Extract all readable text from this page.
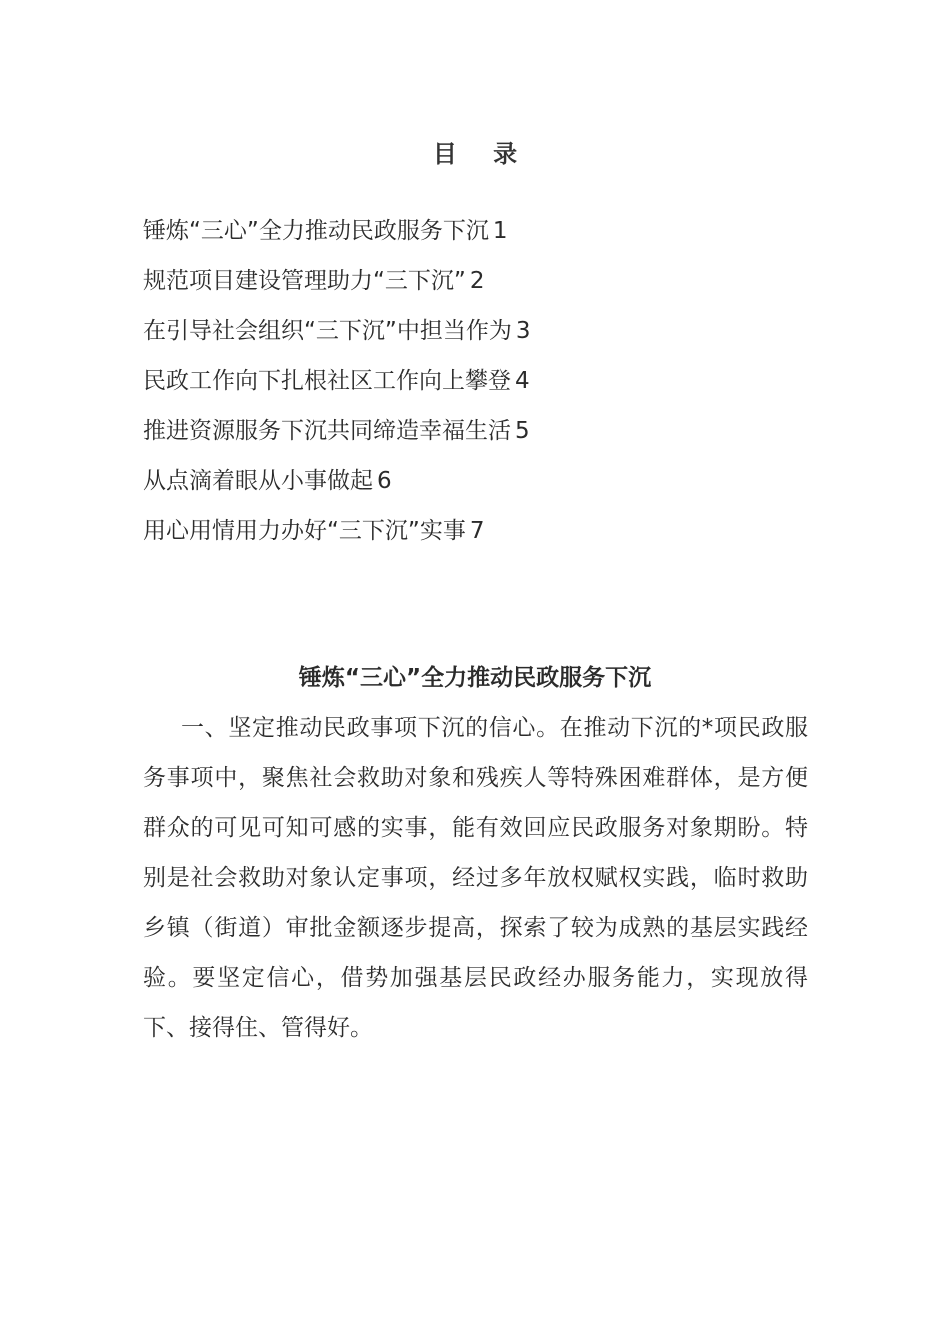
目 录
锤炼“三心”全力推动民政服务下沉 1
规范项目建设管理助力“三下沉” 2
在引导社会组织“三下沉”中担当作为 3
民政工作向下扎根社区工作向上攀登 4
推进资源服务下沉共同缔造幸福生活 5
从点滴着眼从小事做起 6
用心用情用力办好“三下沉”实事 7
锤炼“三心”全力推动民政服务下沉

一、坚定推动民政事项下沉的信心。在推动下沉的*项民政服务事项中，聚焦社会救助对象和残疾人等特殊困难群体，是方便群众的可见可知可感的实事，能有效回应民政服务对象期盼。特别是社会救助对象认定事项，经过多年放权赋权实践，临时救助乡镇（街道）审批金额逐步提高，探索了较为成熟的基层实践经验。要坚定信心，借势加强基层民政经办服务能力，实现放得下、接得住、管得好。
